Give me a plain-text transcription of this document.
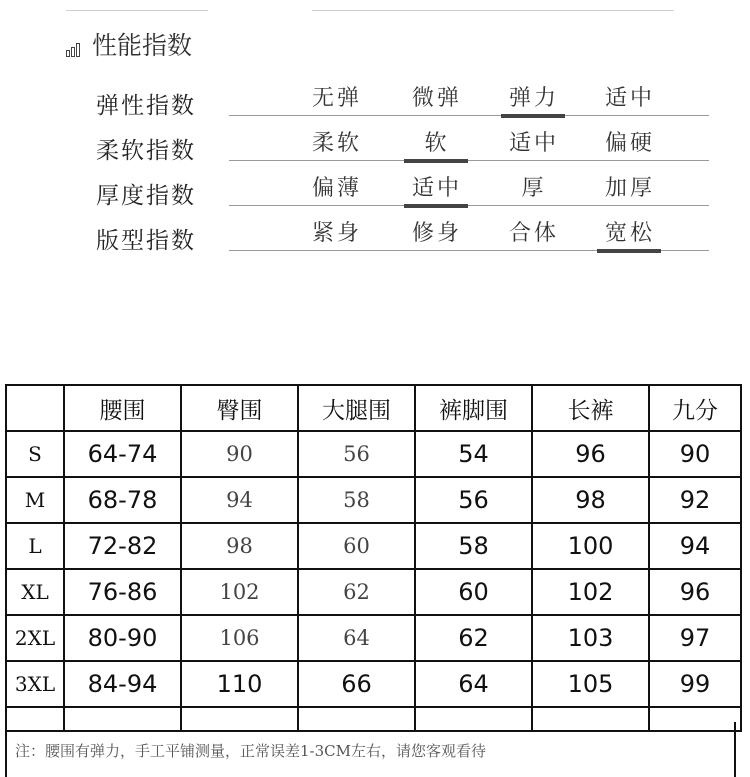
性能指数
弹性指数	无弹	微弹	弹力	适中
柔软指数	柔软	软	适中	偏硬
厚度指数	偏薄	适中	厚	加厚
版型指数	紧身	修身	合体	宽松
	腰围	臀围	大腿围	裤脚围	长裤	九分
S	64-74	90	56	54	96	90
M	68-78	94	58	56	98	92
L	72-82	98	60	58	100	94
XL	76-86	102	62	60	102	96
2XL	80-90	106	64	62	103	97
3XL	84-94	110	66	64	105	99

注：腰围有弹力，手工平铺测量，正常误差1-3CM左右，请您客观看待
